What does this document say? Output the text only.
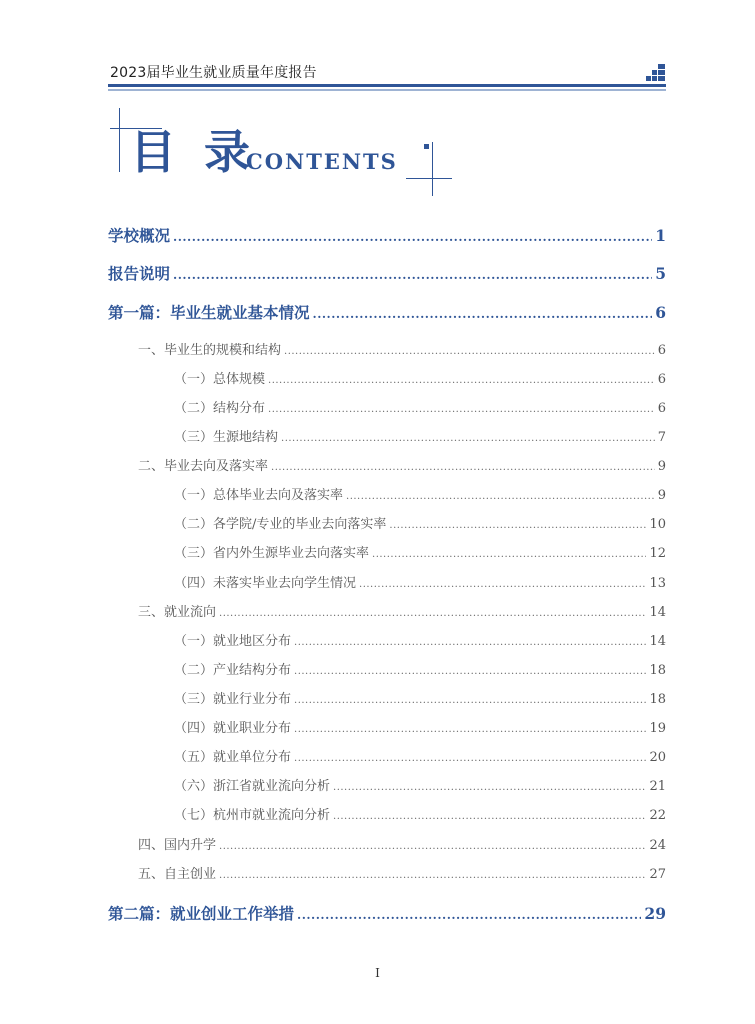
2023届毕业生就业质量年度报告
目 录
CONTENTS
学校概况 .....	1
报告说明 .....	5
第一篇：毕业生就业基本情况 .....	6
一、毕业生的规模和结构 .....	6
（一）总体规模 .....	6
（二）结构分布 .....	6
（三）生源地结构 .....	7
二、毕业去向及落实率 .....	9
（一）总体毕业去向及落实率 .....	9
（二）各学院/专业的毕业去向落实率 .....	10
（三）省内外生源毕业去向落实率 .....	12
（四）未落实毕业去向学生情况 .....	13
三、就业流向 .....	14
（一）就业地区分布 .....	14
（二）产业结构分布 .....	18
（三）就业行业分布 .....	18
（四）就业职业分布 .....	19
（五）就业单位分布 .....	20
（六）浙江省就业流向分析 .....	21
（七）杭州市就业流向分析 .....	22
四、国内升学 .....	24
五、自主创业 .....	27
第二篇：就业创业工作举措 .....	29
I
